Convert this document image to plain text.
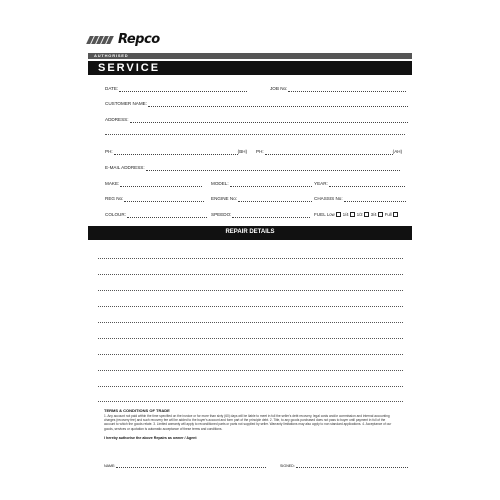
Repco
AUTHORISED
SERVICE
DATE:	JOB No:
CUSTOMER NAME:
ADDRESS:
PH:	(BH) PH:	(AH)
E-MAIL ADDRESS:
MAKE:	MODEL:	YEAR:
REG No:	ENGINE No:	CHASSIS No:
COLOUR:	SPEEDO:	FUEL Low 1/4 1/2 3/4 Full
REPAIR DETAILS
TERMS & CONDITIONS OF TRADE
1. Any account not paid within the time specified on the invoice or for more than sixty (60) days will be liable to meet in full the seller's debt recovery, legal costs and/or commission and internal accounting charges (recovery fee) and such recovery fee will be added to the buyer's account and form part of the principle debt. 2. Title, to any goods purchased does not pass to buyer until payment in full of the account to which the goods relate. 3. Limited warranty will apply to reconditioned parts or parts not supplied by seller. Warranty limitations may also apply to non standard applications. 4. Acceptance of our goods, services or quotation is automatic acceptance of these terms and conditions.
I hereby authorise the above Repairs as owner / Agent
NAME:	SIGNED:
